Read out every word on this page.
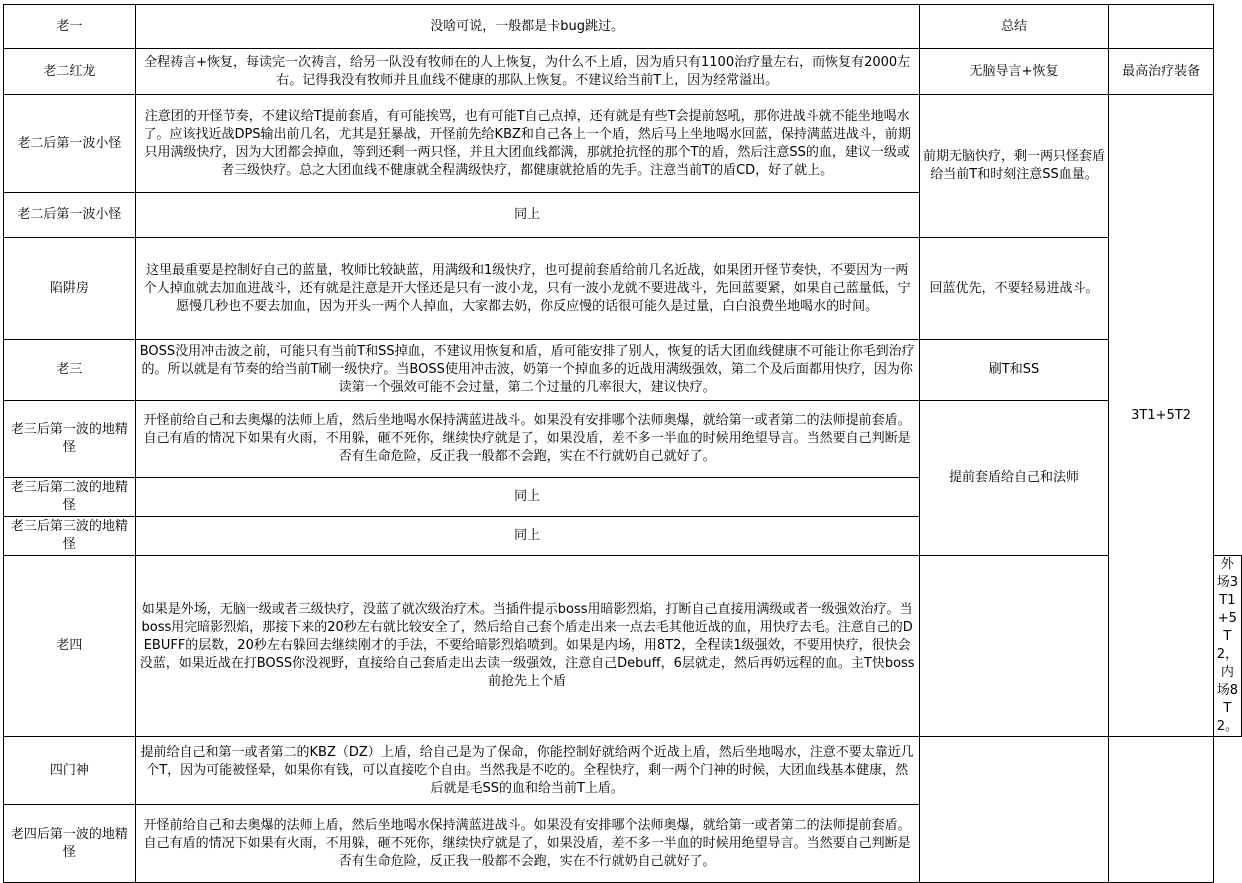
老一	没啥可说，一般都是卡bug跳过。	总结		
老二红龙	全程祷言+恢复，每读完一次祷言，给另一队没有牧师在的人上恢复，为什么不上盾，因为盾只有1100治疗量左右，而恢复有2000左右。记得我没有牧师并且血线不健康的那队上恢复。不建议给当前T上，因为经常溢出。	无脑导言+恢复	最高治疗装备	
老二后第一波小怪	注意团的开怪节奏，不建议给T提前套盾，有可能挨骂，也有可能T自己点掉，还有就是有些T会提前怒吼，那你进战斗就不能坐地喝水了。应该找近战DPS输出前几名，尤其是狂暴战，开怪前先给KBZ和自己各上一个盾，然后马上坐地喝水回蓝，保持满蓝进战斗，前期只用满级快疗，因为大团都会掉血，等到还剩一两只怪，并且大团血线都满，那就抢抗怪的那个T的盾，然后注意SS的血，建议一级或者三级快疗。总之大团血线不健康就全程满级快疗，都健康就抢盾的先手。注意当前T的盾CD，好了就上。	前期无脑快疗，剩一两只怪套盾给当前T和时刻注意SS血量。	3T1+5T2	
老二后第一波小怪	同上			
陷阱房	这里最重要是控制好自己的蓝量，牧师比较缺蓝，用满级和1级快疗，也可提前套盾给前几名近战，如果团开怪节奏快，不要因为一两个人掉血就去加血进战斗，还有就是注意是开大怪还是只有一波小龙，只有一波小龙就不要进战斗，先回蓝要紧，如果自己蓝量低，宁愿慢几秒也不要去加血，因为开头一两个人掉血，大家都去奶，你反应慢的话很可能久是过量，白白浪费坐地喝水的时间。	回蓝优先，不要轻易进战斗。		
老三	BOSS没用冲击波之前，可能只有当前T和SS掉血，不建议用恢复和盾，盾可能安排了别人，恢复的话大团血线健康不可能让你毛到治疗的。所以就是有节奏的给当前T刷一级快疗。当BOSS使用冲击波，奶第一个掉血多的近战用满级强效，第二个及后面都用快疗，因为你读第一个强效可能不会过量，第二个过量的几率很大，建议快疗。	刷T和SS		
老三后第一波的地精怪	开怪前给自己和去奥爆的法师上盾，然后坐地喝水保持满蓝进战斗。如果没有安排哪个法师奥爆，就给第一或者第二的法师提前套盾。自己有盾的情况下如果有火雨，不用躲，砸不死你，继续快疗就是了，如果没盾，差不多一半血的时候用绝望导言。当然要自己判断是否有生命危险，反正我一般都不会跑，实在不行就奶自己就好了。	提前套盾给自己和法师		
老三后第二波的地精怪	同上			
老三后第三波的地精怪	同上			
老四	如果是外场，无脑一级或者三级快疗，没蓝了就次级治疗术。当插件提示boss用暗影烈焰，打断自己直接用满级或者一级强效治疗。当boss用完暗影烈焰，那接下来的20秒左右就比较安全了，然后给自己套个盾走出来一点去毛其他近战的血，用快疗去毛。注意自己的DEBUFF的层数，20秒左右躲回去继续刚才的手法，不要给暗影烈焰喷到。如果是内场，用8T2，全程读1级强效，不要用快疗，很快会没蓝，如果近战在打BOSS你没视野，直接给自己套盾走出去读一级强效，注意自己Debuff，6层就走，然后再奶远程的血。主T快boss前抢先上个盾			外场3T1+5T2，内场8T2。
四门神	提前给自己和第一或者第二的KBZ（DZ）上盾，给自己是为了保命，你能控制好就给两个近战上盾，然后坐地喝水，注意不要太靠近几个T，因为可能被怪晕，如果你有钱，可以直接吃个自由。当然我是不吃的。全程快疗，剩一两个门神的时候，大团血线基本健康，然后就是毛SS的血和给当前T上盾。			
老四后第一波的地精怪	开怪前给自己和去奥爆的法师上盾，然后坐地喝水保持满蓝进战斗。如果没有安排哪个法师奥爆，就给第一或者第二的法师提前套盾。自己有盾的情况下如果有火雨，不用躲，砸不死你，继续快疗就是了，如果没盾，差不多一半血的时候用绝望导言。当然要自己判断是否有生命危险，反正我一般都不会跑，实在不行就奶自己就好了。			
